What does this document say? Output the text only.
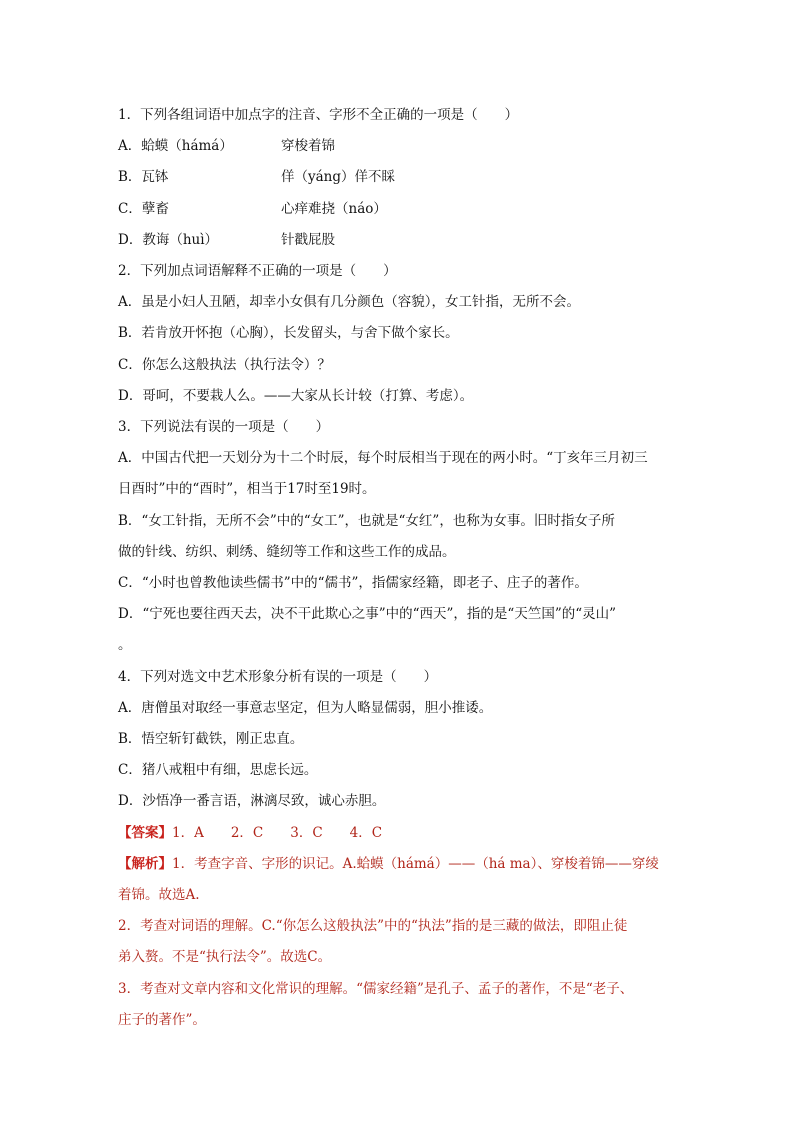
1．下列各组词语中加点字的注音、字形不全正确的一项是（　　）
A．蛤蟆（hámá）	穿梭着锦
B．瓦钵	佯（yáng）佯不睬
C．孽畜	心痒难挠（náo）
D．教诲（huì）	针戳屁股
2．下列加点词语解释不正确的一项是（　　）
A．虽是小妇人丑陋，却幸小女俱有几分颜色（容貌），女工针指，无所不会。
B．若肯放开怀抱（心胸），长发留头，与舍下做个家长。
C．你怎么这般执法（执行法令）？
D．哥呵，不要栽人么。——大家从长计较（打算、考虑）。
3．下列说法有误的一项是（　　）
A．中国古代把一天划分为十二个时辰，每个时辰相当于现在的两小时。“丁亥年三月初三
日酉时”中的“酉时”，相当于17时至19时。
B．“女工针指，无所不会”中的“女工”，也就是“女红”，也称为女事。旧时指女子所
做的针线、纺织、刺绣、缝纫等工作和这些工作的成品。
C．“小时也曾教他读些儒书”中的“儒书”，指儒家经籍，即老子、庄子的著作。
D．“宁死也要往西天去，决不干此欺心之事”中的“西天”，指的是“天竺国”的“灵山”
。
4．下列对选文中艺术形象分析有误的一项是（　　）
A．唐僧虽对取经一事意志坚定，但为人略显儒弱，胆小推诿。
B．悟空斩钉截铁，刚正忠直。
C．猪八戒粗中有细，思虑长远。
D．沙悟净一番言语，淋漓尽致，诚心赤胆。
【答案】1．A　　2．C　　3．C　　4．C
【解析】1．考查字音、字形的识记。A.蛤蟆（hámá）——（há ma）、穿梭着锦——穿绫
着锦。故选A.
2．考查对词语的理解。C.“你怎么这般执法”中的“执法”指的是三藏的做法，即阻止徒
弟入赘。不是“执行法令”。故选C。
3．考查对文章内容和文化常识的理解。“儒家经籍”是孔子、孟子的著作，不是“老子、
庄子的著作”。
